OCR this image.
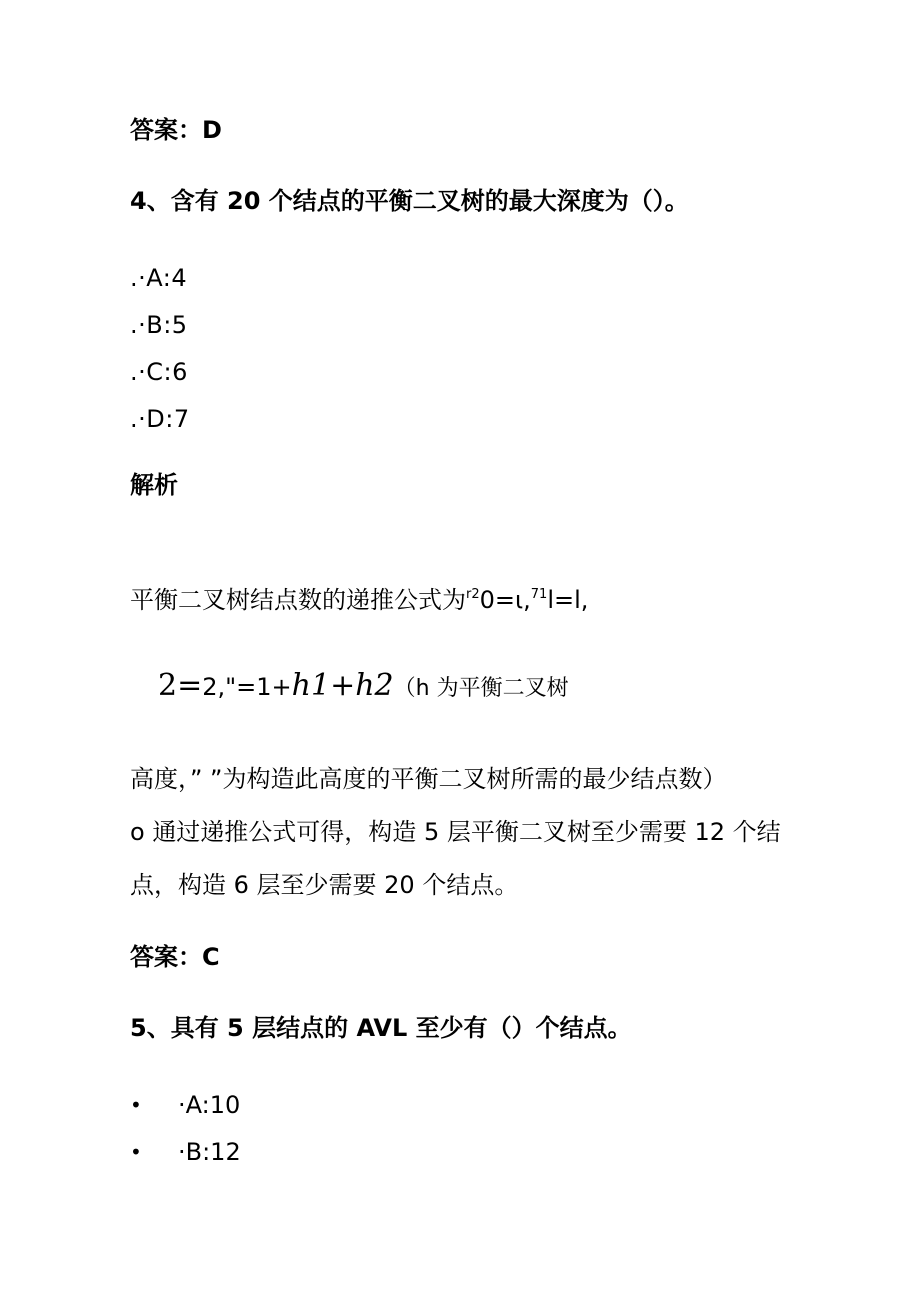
答案：D
4、含有 20 个结点的平衡二叉树的最大深度为（）。
.·A:4
.·B:5
.·C:6
.·D:7
解析
平衡二叉树结点数的递推公式为$^{r2}$0=ι,$^{71}$l=l,
2=2,"=1+h1+h2（h 为平衡二叉树
高度，” ”为构造此高度的平衡二叉树所需的最少结点数）
o 通过递推公式可得，构造 5 层平衡二叉树至少需要 12 个结
点，构造 6 层至少需要 20 个结点。
答案：C
5、具有 5 层结点的 AVL 至少有（）个结点。
• ·A:10
• ·B:12
